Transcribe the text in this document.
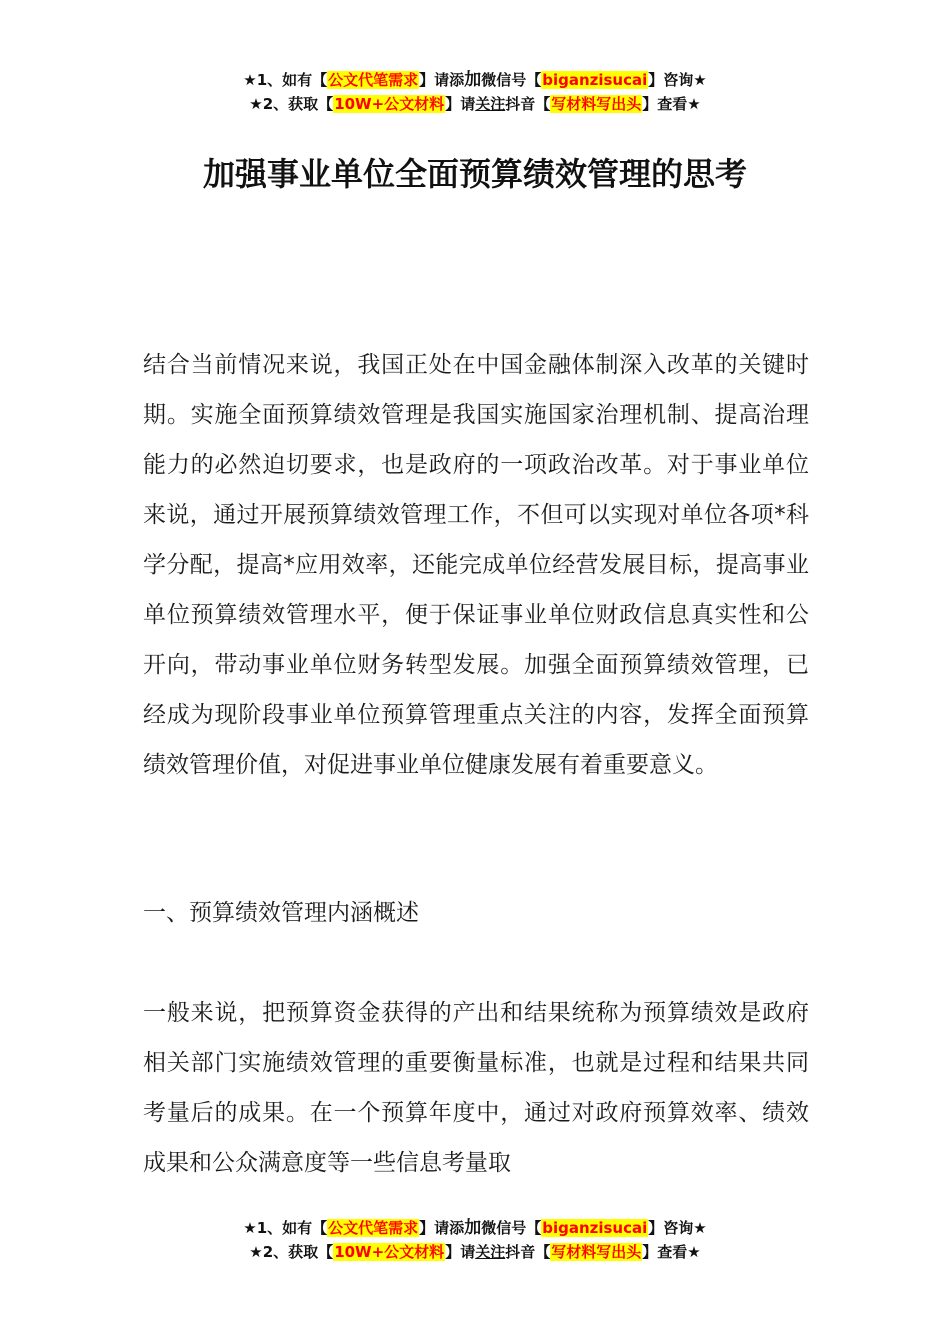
★1、如有【公文代笔需求】请添加微信号【biganzisucai】咨询★
★2、获取【10W+公文材料】请关注抖音【写材料写出头】查看★
加强事业单位全面预算绩效管理的思考

结合当前情况来说，我国正处在中国金融体制深入改革的关键时期。实施全面预算绩效管理是我国实施国家治理机制、提高治理能力的必然迫切要求，也是政府的一项政治改革。对于事业单位来说，通过开展预算绩效管理工作，不但可以实现对单位各项*科学分配，提高*应用效率，还能完成单位经营发展目标，提高事业单位预算绩效管理水平，便于保证事业单位财政信息真实性和公开向，带动事业单位财务转型发展。加强全面预算绩效管理，已经成为现阶段事业单位预算管理重点关注的内容，发挥全面预算绩效管理价值，对促进事业单位健康发展有着重要意义。

一、预算绩效管理内涵概述

一般来说，把预算资金获得的产出和结果统称为预算绩效是政府相关部门实施绩效管理的重要衡量标准，也就是过程和结果共同考量后的成果。在一个预算年度中，通过对政府预算效率、绩效成果和公众满意度等一些信息考量取

★1、如有【公文代笔需求】请添加微信号【biganzisucai】咨询★
★2、获取【10W+公文材料】请关注抖音【写材料写出头】查看★
